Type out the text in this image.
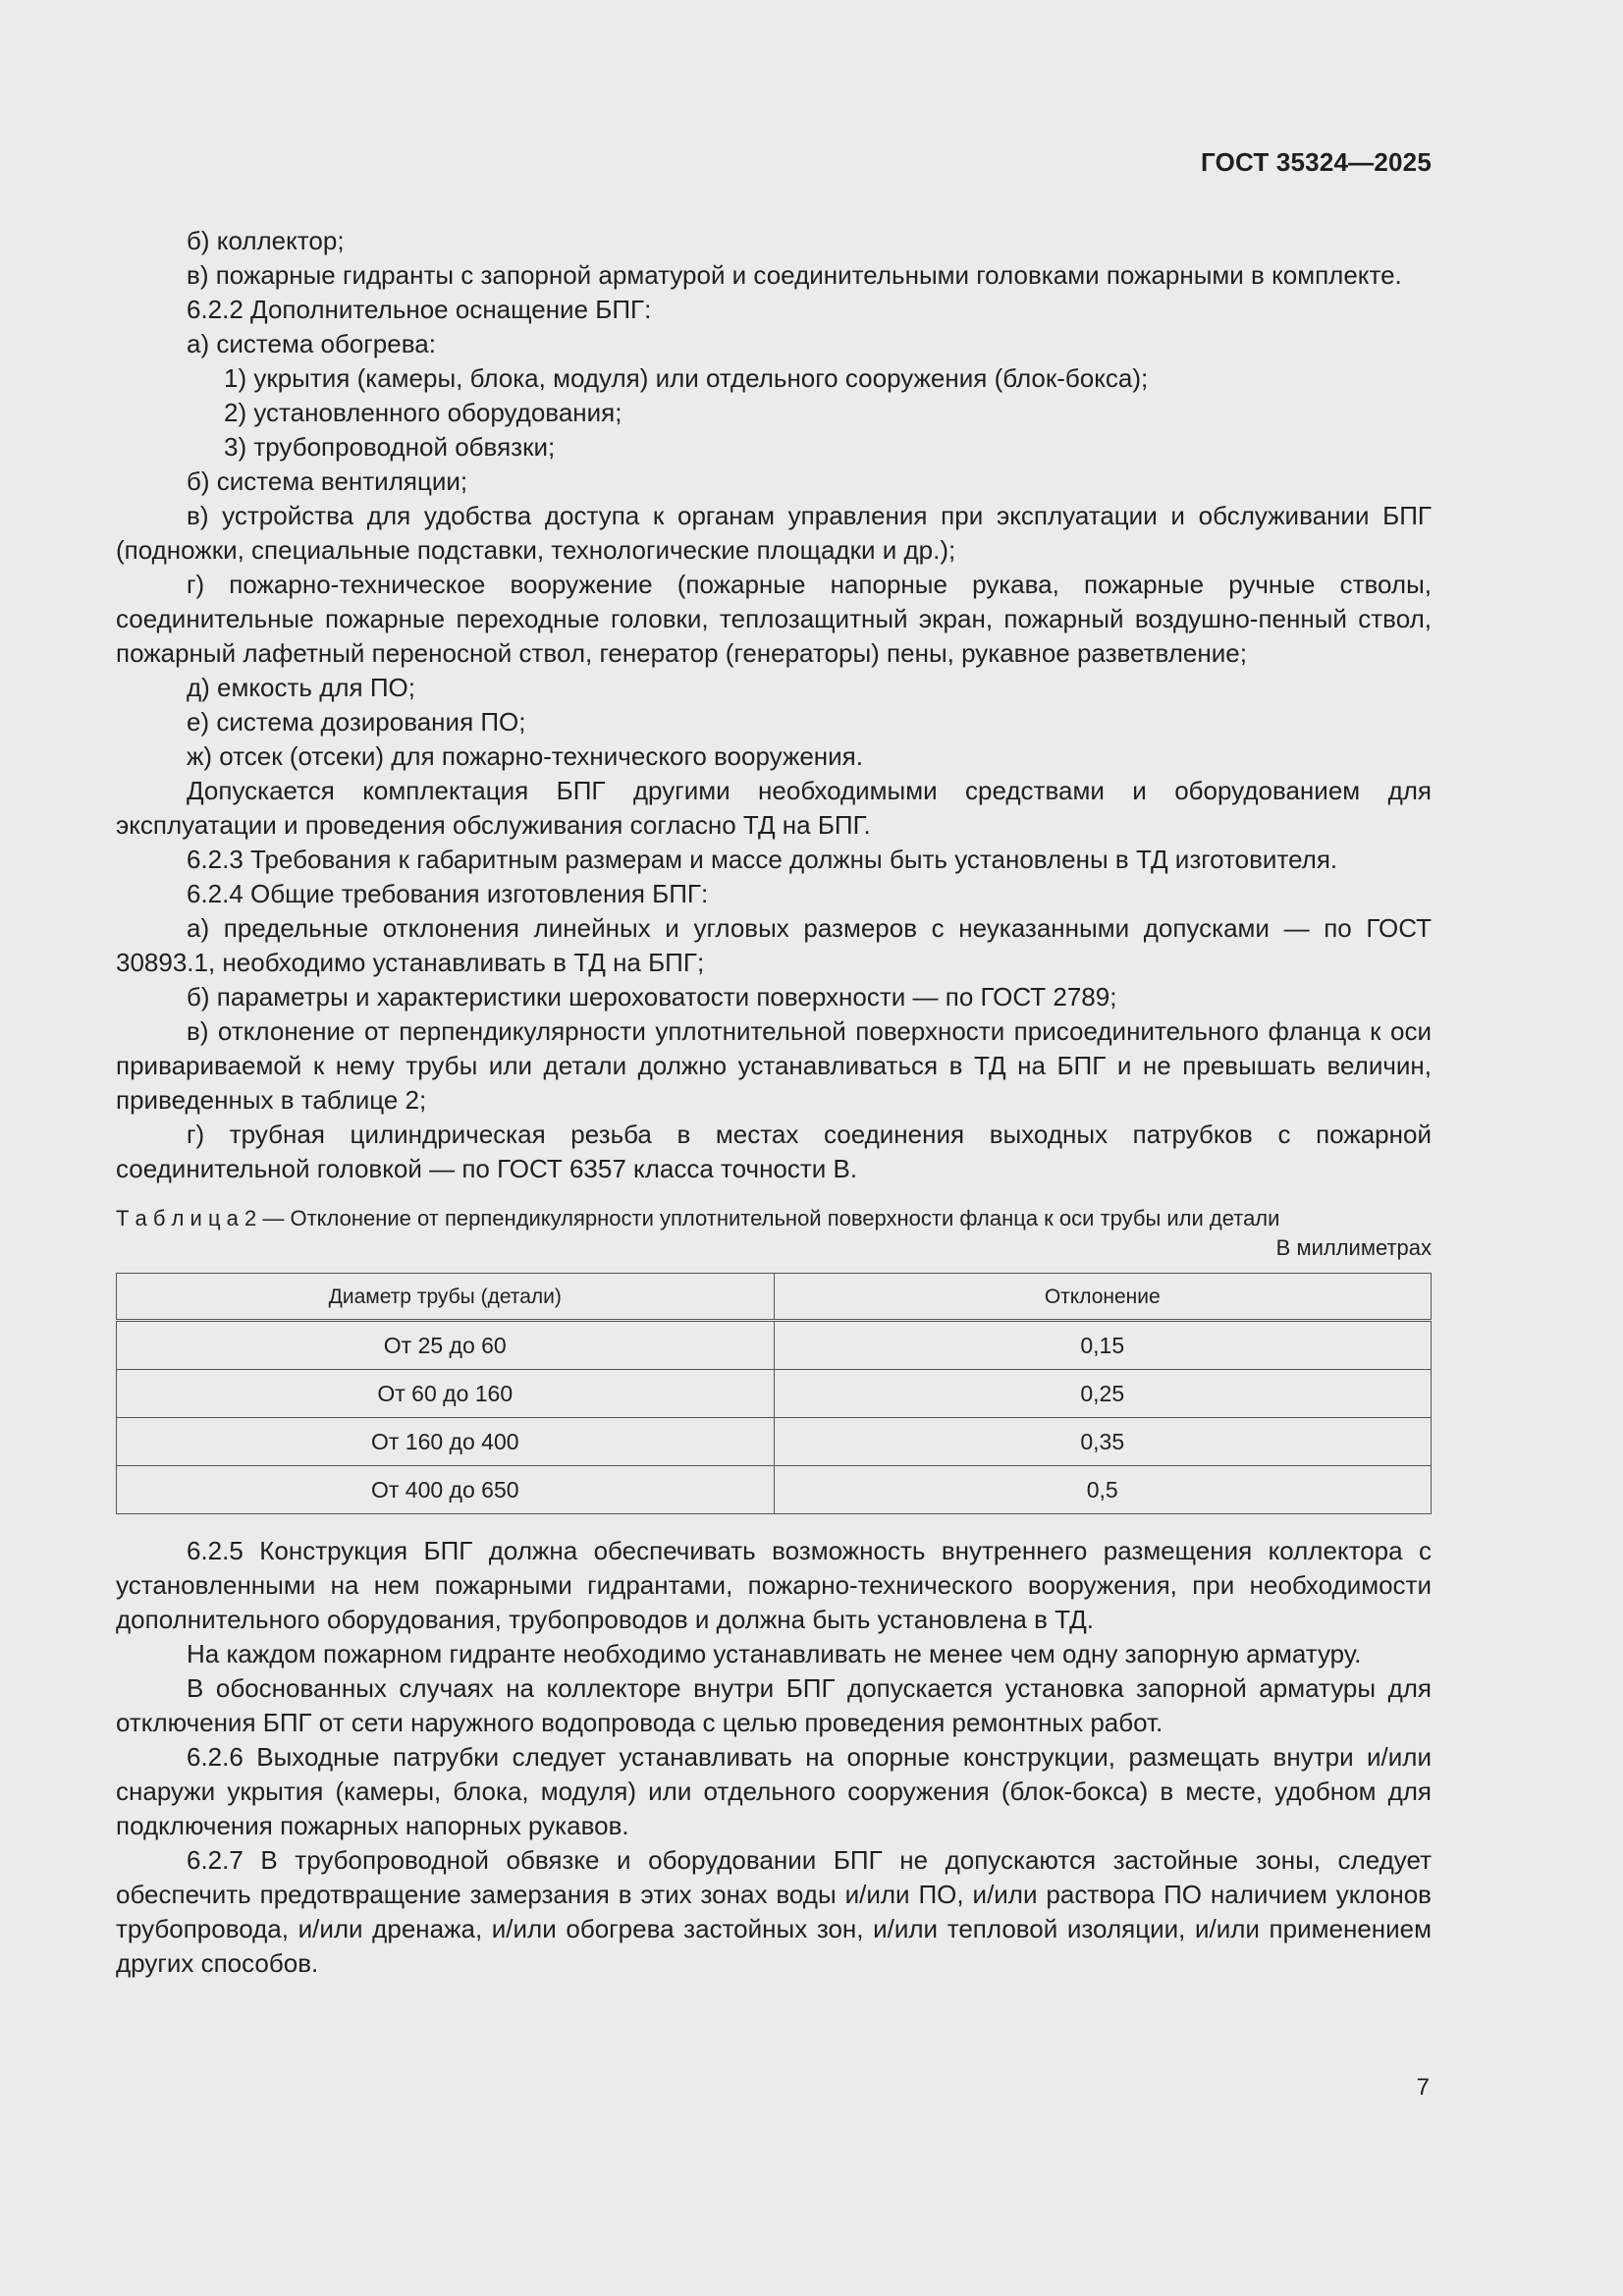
ГОСТ 35324—2025

б) коллектор;

в) пожарные гидранты с запорной арматурой и соединительными головками пожарными в комплекте.

6.2.2 Дополнительное оснащение БПГ:

а) система обогрева:

1) укрытия (камеры, блока, модуля) или отдельного сооружения (блок-бокса);

2) установленного оборудования;

3) трубопроводной обвязки;

б) система вентиляции;

в) устройства для удобства доступа к органам управления при эксплуатации и обслуживании БПГ (подножки, специальные подставки, технологические площадки и др.);

г) пожарно-техническое вооружение (пожарные напорные рукава, пожарные ручные стволы, соединительные пожарные переходные головки, теплозащитный экран, пожарный воздушно-пенный ствол, пожарный лафетный переносной ствол, генератор (генераторы) пены, рукавное разветвление;

д) емкость для ПО;

е) система дозирования ПО;

ж) отсек (отсеки) для пожарно-технического вооружения.

Допускается комплектация БПГ другими необходимыми средствами и оборудованием для эксплуатации и проведения обслуживания согласно ТД на БПГ.

6.2.3 Требования к габаритным размерам и массе должны быть установлены в ТД изготовителя.

6.2.4 Общие требования изготовления БПГ:

а) предельные отклонения линейных и угловых размеров с неуказанными допусками — по ГОСТ 30893.1, необходимо устанавливать в ТД на БПГ;

б) параметры и характеристики шероховатости поверхности — по ГОСТ 2789;

в) отклонение от перпендикулярности уплотнительной поверхности присоединительного фланца к оси привариваемой к нему трубы или детали должно устанавливаться в ТД на БПГ и не превышать величин, приведенных в таблице 2;

г) трубная цилиндрическая резьба в местах соединения выходных патрубков с пожарной соединительной головкой — по ГОСТ 6357 класса точности В.

Т а б л и ц а 2 — Отклонение от перпендикулярности уплотнительной поверхности фланца к оси трубы или детали
В миллиметрах
Диаметр трубы (детали)	Отклонение
От 25 до 60	0,15
От 60 до 160	0,25
От 160 до 400	0,35
От 400 до 650	0,5

6.2.5 Конструкция БПГ должна обеспечивать возможность внутреннего размещения коллектора с установленными на нем пожарными гидрантами, пожарно-технического вооружения, при необходимости дополнительного оборудования, трубопроводов и должна быть установлена в ТД.

На каждом пожарном гидранте необходимо устанавливать не менее чем одну запорную арматуру.

В обоснованных случаях на коллекторе внутри БПГ допускается установка запорной арматуры для отключения БПГ от сети наружного водопровода с целью проведения ремонтных работ.

6.2.6 Выходные патрубки следует устанавливать на опорные конструкции, размещать внутри и/или снаружи укрытия (камеры, блока, модуля) или отдельного сооружения (блок-бокса) в месте, удобном для подключения пожарных напорных рукавов.

6.2.7 В трубопроводной обвязке и оборудовании БПГ не допускаются застойные зоны, следует обеспечить предотвращение замерзания в этих зонах воды и/или ПО, и/или раствора ПО наличием уклонов трубопровода, и/или дренажа, и/или обогрева застойных зон, и/или тепловой изоляции, и/или применением других способов.

7
